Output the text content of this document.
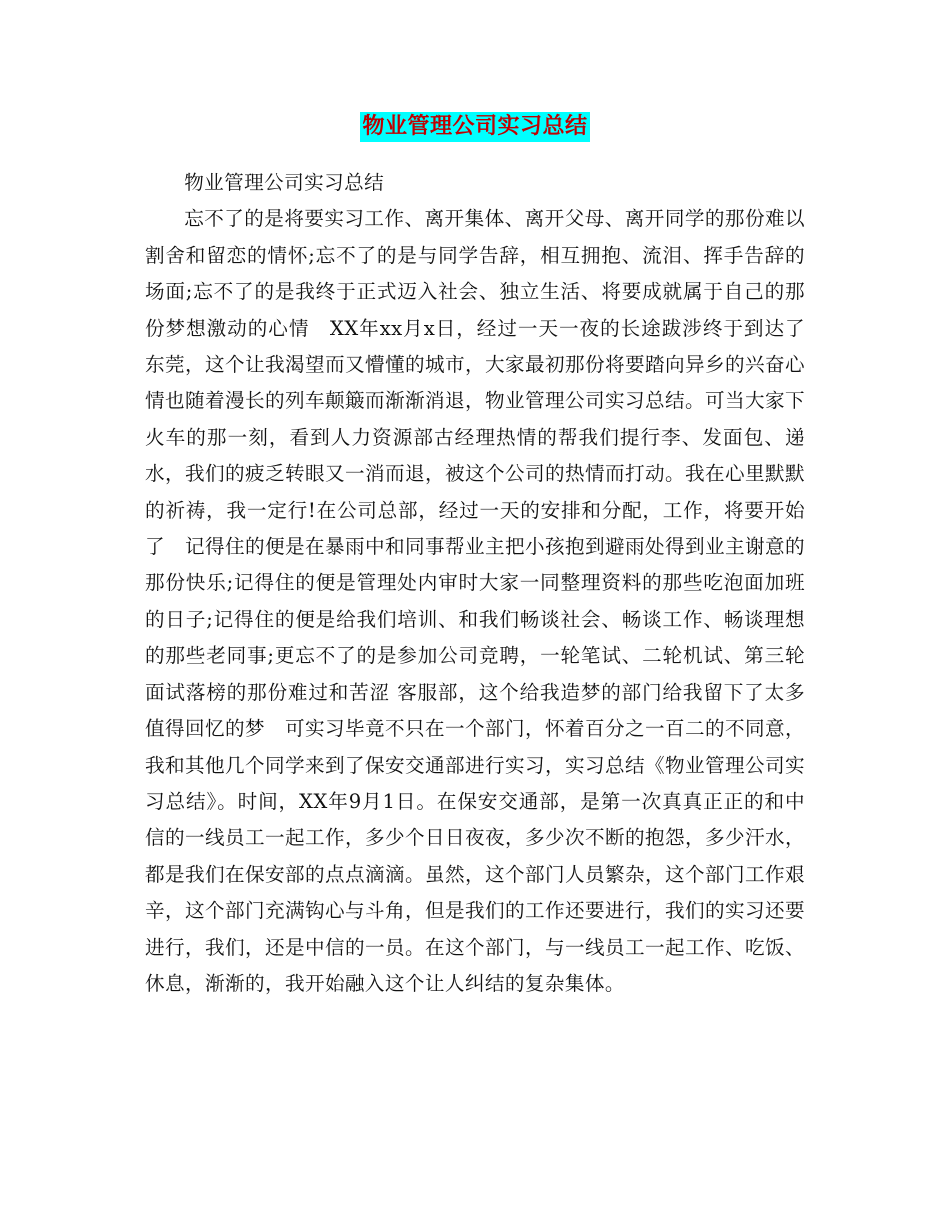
物业管理公司实习总结

物业管理公司实习总结

忘不了的是将要实习工作、离开集体、离开父母、离开同学的那份难以割舍和留恋的情怀;忘不了的是与同学告辞，相互拥抱、流泪、挥手告辞的场面;忘不了的是我终于正式迈入社会、独立生活、将要成就属于自己的那份梦想激动的心情　XX年xx月x日，经过一天一夜的长途跋涉终于到达了东莞，这个让我渴望而又懵懂的城市，大家最初那份将要踏向异乡的兴奋心情也随着漫长的列车颠簸而渐渐消退，物业管理公司实习总结。可当大家下火车的那一刻，看到人力资源部古经理热情的帮我们提行李、发面包、递水，我们的疲乏转眼又一消而退，被这个公司的热情而打动。我在心里默默的祈祷，我一定行!在公司总部，经过一天的安排和分配，工作，将要开始了　记得住的便是在暴雨中和同事帮业主把小孩抱到避雨处得到业主谢意的那份快乐;记得住的便是管理处内审时大家一同整理资料的那些吃泡面加班的日子;记得住的便是给我们培训、和我们畅谈社会、畅谈工作、畅谈理想的那些老同事;更忘不了的是参加公司竞聘，一轮笔试、二轮机试、第三轮面试落榜的那份难过和苦涩 客服部，这个给我造梦的部门给我留下了太多值得回忆的梦　可实习毕竟不只在一个部门，怀着百分之一百二的不同意，我和其他几个同学来到了保安交通部进行实习，实习总结《物业管理公司实习总结》。时间，XX年9月1日。在保安交通部，是第一次真真正正的和中信的一线员工一起工作，多少个日日夜夜，多少次不断的抱怨，多少汗水，都是我们在保安部的点点滴滴。虽然，这个部门人员繁杂，这个部门工作艰辛，这个部门充满钩心与斗角，但是我们的工作还要进行，我们的实习还要进行，我们，还是中信的一员。在这个部门，与一线员工一起工作、吃饭、休息，渐渐的，我开始融入这个让人纠结的复杂集体。
